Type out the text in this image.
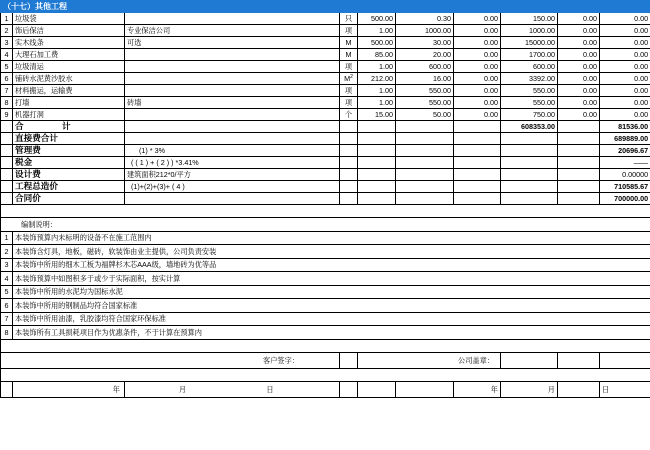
（十七）其他工程									
1	垃圾袋		只	500.00	0.30	0.00	150.00	0.00	0.00
2	饰后保洁	专业保洁公司	项	1.00	1000.00	0.00	1000.00	0.00	0.00
3	实木线条	可选	M	500.00	30.00	0.00	15000.00	0.00	0.00
4	大理石加工费		M	85.00	20.00	0.00	1700.00	0.00	0.00
5	垃圾清运		项	1.00	600.00	0.00	600.00	0.00	0.00
6	铺砖水泥黄沙胶水		$M^2$	212.00	16.00	0.00	3392.00	0.00	0.00
7	材料搬运，运输费		项	1.00	550.00	0.00	550.00	0.00	0.00
8	打墙	砖墙	项	1.00	550.00	0.00	550.00	0.00	0.00
9	机器打洞		个	15.00	50.00	0.00	750.00	0.00	0.00
	合 计						608353.00		81536.00
	直接费合计								689889.00
	管理费	(1) * 3%							20696.67
	税金	( ( 1 ) + ( 2 ) ) *3.41%							——
	设计费	建筑面积212*0/平方							0.00000
	工程总造价	(1)+(2)+(3)+ ( 4 )							710585.67
	合同价								700000.00

编制说明：									
1	本装饰预算内未标明的设备不在施工范围内								
2	本装饰含灯具，地板，磁砖，软装饰由业主提供，公司负责安装								
3	本装饰中所用的细木工板为福牌杉木芯AAA级，墙地砖为优等品								
4	本装饰预算中如图积多于或少于实际面积，按实计算								
5	本装饰中所用的水泥均为国标水泥								
6	本装饰中所用的钢制品均符合国家标准								
7	本装饰中所用油漆，乳胶漆均符合国家环保标准								
8	本装饰所有工具损耗项目作为优惠条件，不于计算在预算内								

客户签字：				公司盖章：					

	年	月 日				年	月		日
